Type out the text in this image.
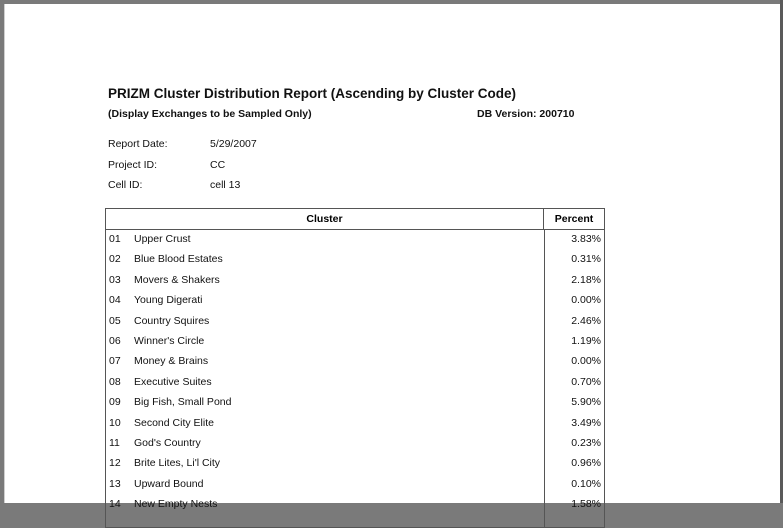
PRIZM Cluster Distribution Report (Ascending by Cluster Code)
(Display Exchanges to be Sampled Only)	DB Version: 200710
Report Date:	5/29/2007
Project ID:	CC
Cell ID:	cell 13
Cluster	Percent
01 Upper Crust	3.83%
02 Blue Blood Estates	0.31%
03 Movers & Shakers	2.18%
04 Young Digerati	0.00%
05 Country Squires	2.46%
06 Winner's Circle	1.19%
07 Money & Brains	0.00%
08 Executive Suites	0.70%
09 Big Fish, Small Pond	5.90%
10 Second City Elite	3.49%
11 God's Country	0.23%
12 Brite Lites, Li'l City	0.96%
13 Upward Bound	0.10%
14 New Empty Nests	1.58%
